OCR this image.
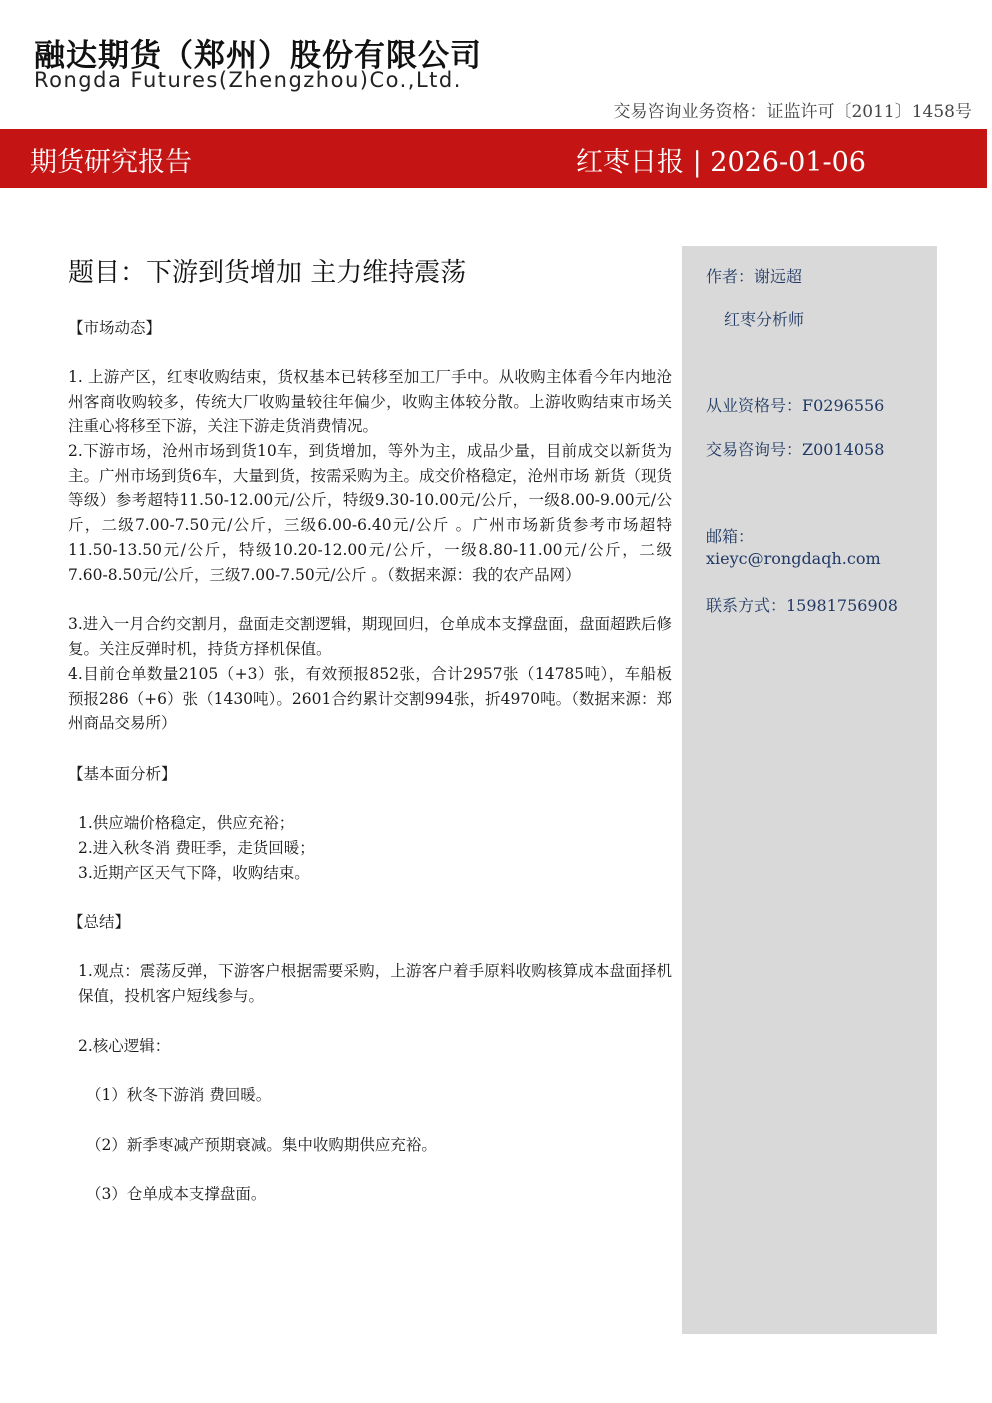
融达期货（郑州）股份有限公司
Rongda Futures(Zhengzhou)Co.,Ltd.
交易咨询业务资格：证监许可〔2011〕1458号
期货研究报告	红枣日报 | 2026-01-06
作者：谢远超
红枣分析师
从业资格号：F0296556
交易咨询号：Z0014058
邮箱：
xieyc@rongdaqh.com
联系方式：15981756908
题目：下游到货增加 主力维持震荡
【市场动态】
1. 上游产区，红枣收购结束，货权基本已转移至加工厂手中。从收购主体看今年内地沧州客商收购较多，传统大厂收购量较往年偏少，收购主体较分散。上游收购结束市场关注重心将移至下游，关注下游走货消费情况。
2.下游市场，沧州市场到货10车，到货增加，等外为主，成品少量，目前成交以新货为主。广州市场到货6车，大量到货，按需采购为主。成交价格稳定，沧州市场 新货（现货等级）参考超特11.50-12.00元/公斤，特级9.30-10.00元/公斤，一级8.00-9.00元/公斤，二级7.00-7.50元/公斤，三级6.00-6.40元/公斤 。广州市场新货参考市场超特11.50-13.50元/公斤，特级10.20-12.00元/公斤，一级8.80-11.00元/公斤，二级7.60-8.50元/公斤，三级7.00-7.50元/公斤 。（数据来源：我的农产品网）
3.进入一月合约交割月，盘面走交割逻辑，期现回归，仓单成本支撑盘面，盘面超跌后修复。关注反弹时机，持货方择机保值。
4.目前仓单数量2105（+3）张，有效预报852张，合计2957张（14785吨），车船板预报286（+6）张（1430吨）。2601合约累计交割994张，折4970吨。（数据来源：郑州商品交易所）
【基本面分析】
1.供应端价格稳定，供应充裕；
2.进入秋冬消 费旺季，走货回暖；
3.近期产区天气下降，收购结束。
【总结】
1.观点：震荡反弹，下游客户根据需要采购，上游客户着手原料收购核算成本盘面择机保值，投机客户短线参与。
2.核心逻辑：
（1）秋冬下游消 费回暖。
（2）新季枣减产预期衰减。集中收购期供应充裕。
（3）仓单成本支撑盘面。
